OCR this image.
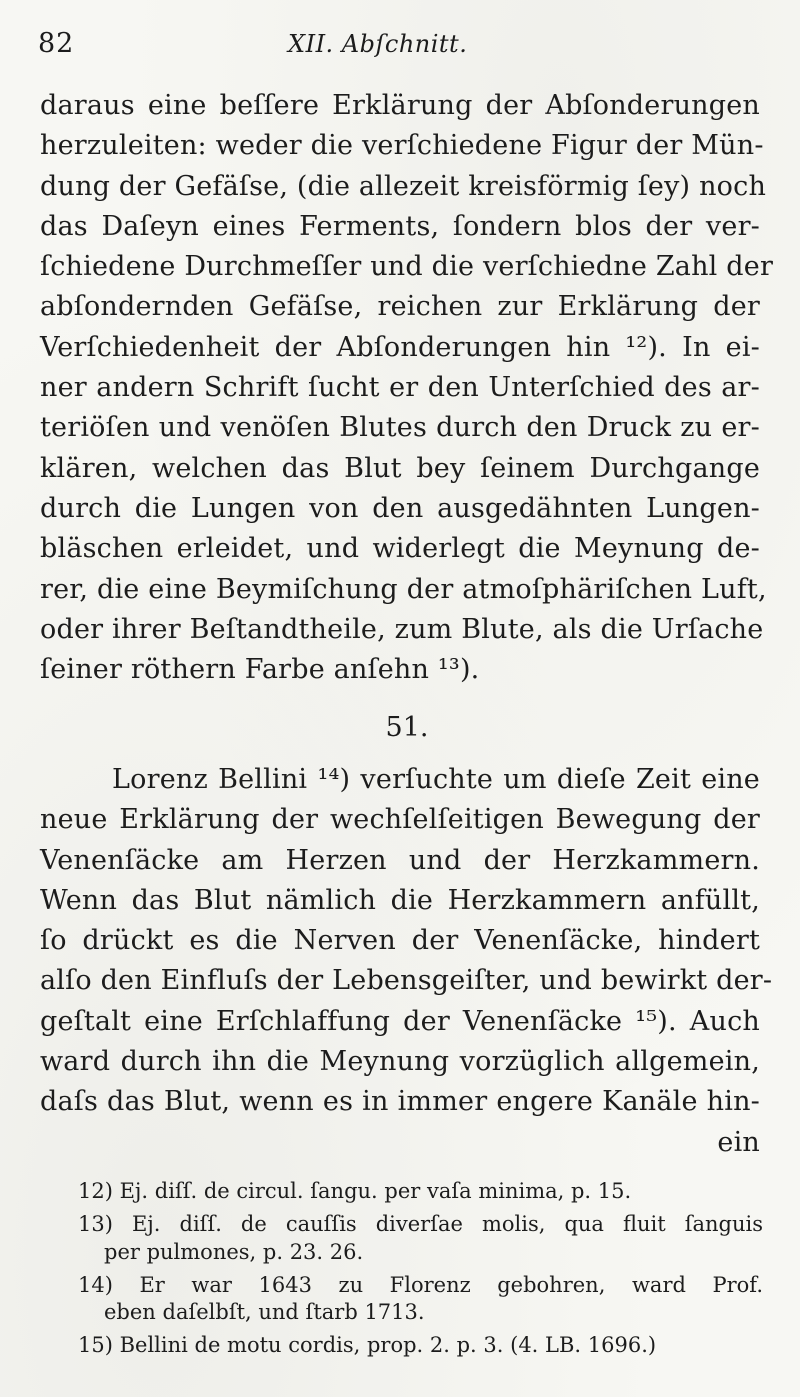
82	XII. Abſchnitt.
daraus eine beſſere Erklärung der Abſonderungen
herzuleiten: weder die verſchiedene Figur der Mün-
dung der Gefäſse, (die allezeit kreisförmig ſey) noch
das Daſeyn eines Ferments, ſondern blos der ver-
ſchiedene Durchmeſſer und die verſchiedne Zahl der
abſondernden Gefäſse, reichen zur Erklärung der
Verſchiedenheit der Abſonderungen hin ¹²). In ei-
ner andern Schrift ſucht er den Unterſchied des ar-
teriöſen und venöſen Blutes durch den Druck zu er-
klären, welchen das Blut bey ſeinem Durchgange
durch die Lungen von den ausgedähnten Lungen-
bläschen erleidet, und widerlegt die Meynung de-
rer, die eine Beymiſchung der atmoſphäriſchen Luft,
oder ihrer Beſtandtheile, zum Blute, als die Urſache
ſeiner röthern Farbe anſehn ¹³).
51.
Lorenz Bellini ¹⁴) verſuchte um dieſe Zeit eine
neue Erklärung der wechſelſeitigen Bewegung der
Venenſäcke am Herzen und der Herzkammern.
Wenn das Blut nämlich die Herzkammern anfüllt,
ſo drückt es die Nerven der Venenſäcke, hindert
alſo den Einfluſs der Lebensgeiſter, und bewirkt der-
geſtalt eine Erſchlaffung der Venenſäcke ¹⁵). Auch
ward durch ihn die Meynung vorzüglich allgemein,
daſs das Blut, wenn es in immer engere Kanäle hin-
ein
12) Ej. diſſ. de circul. ſangu. per vaſa minima, p. 15.
13) Ej. diſſ. de cauſſis diverſae molis, qua fluit ſanguis
per pulmones, p. 23. 26.
14) Er war 1643 zu Florenz gebohren, ward Prof.
eben daſelbſt, und ſtarb 1713.
15) Bellini de motu cordis, prop. 2. p. 3. (4. LB. 1696.)
